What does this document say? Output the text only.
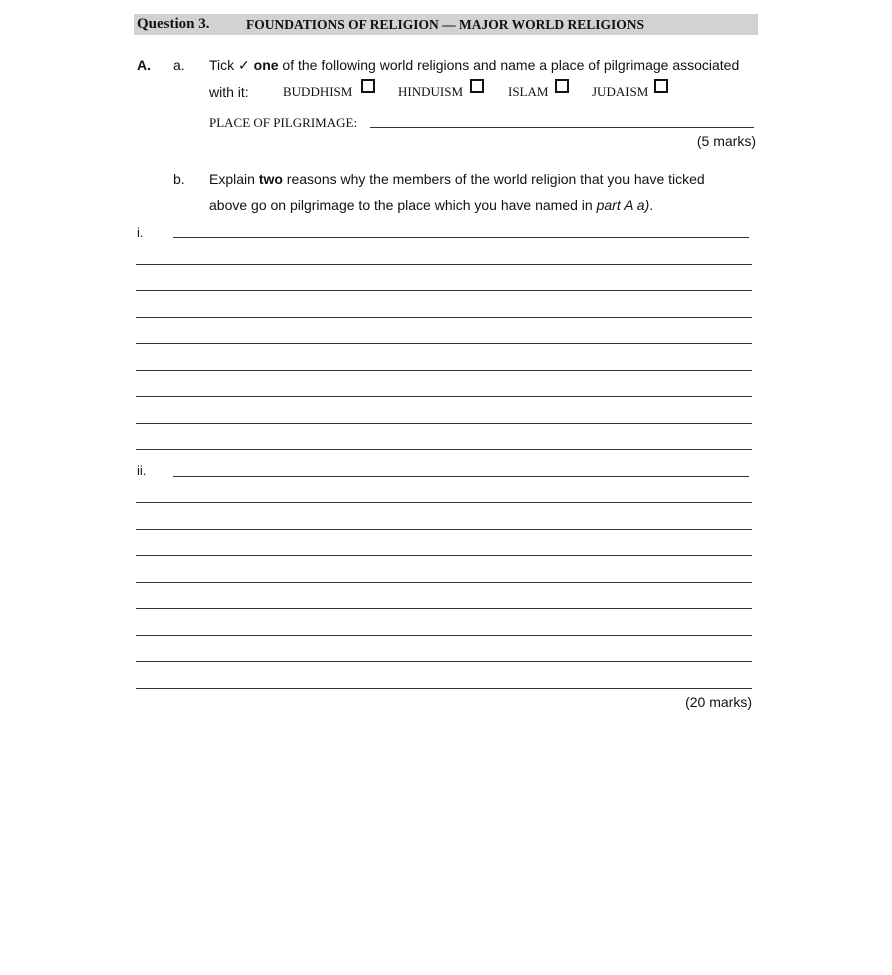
Question 3.	FOUNDATIONS OF RELIGION — MAJOR WORLD RELIGIONS
A. a. Tick ✓ one of the following world religions and name a place of pilgrimage associated
with it:	BUDDHISM	HINDUISM	ISLAM	JUDAISM
PLACE OF PILGRIMAGE:
(5 marks)
b. Explain two reasons why the members of the world religion that you have ticked
above go on pilgrimage to the place which you have named in part A a).
i.
ii.
(20 marks)
